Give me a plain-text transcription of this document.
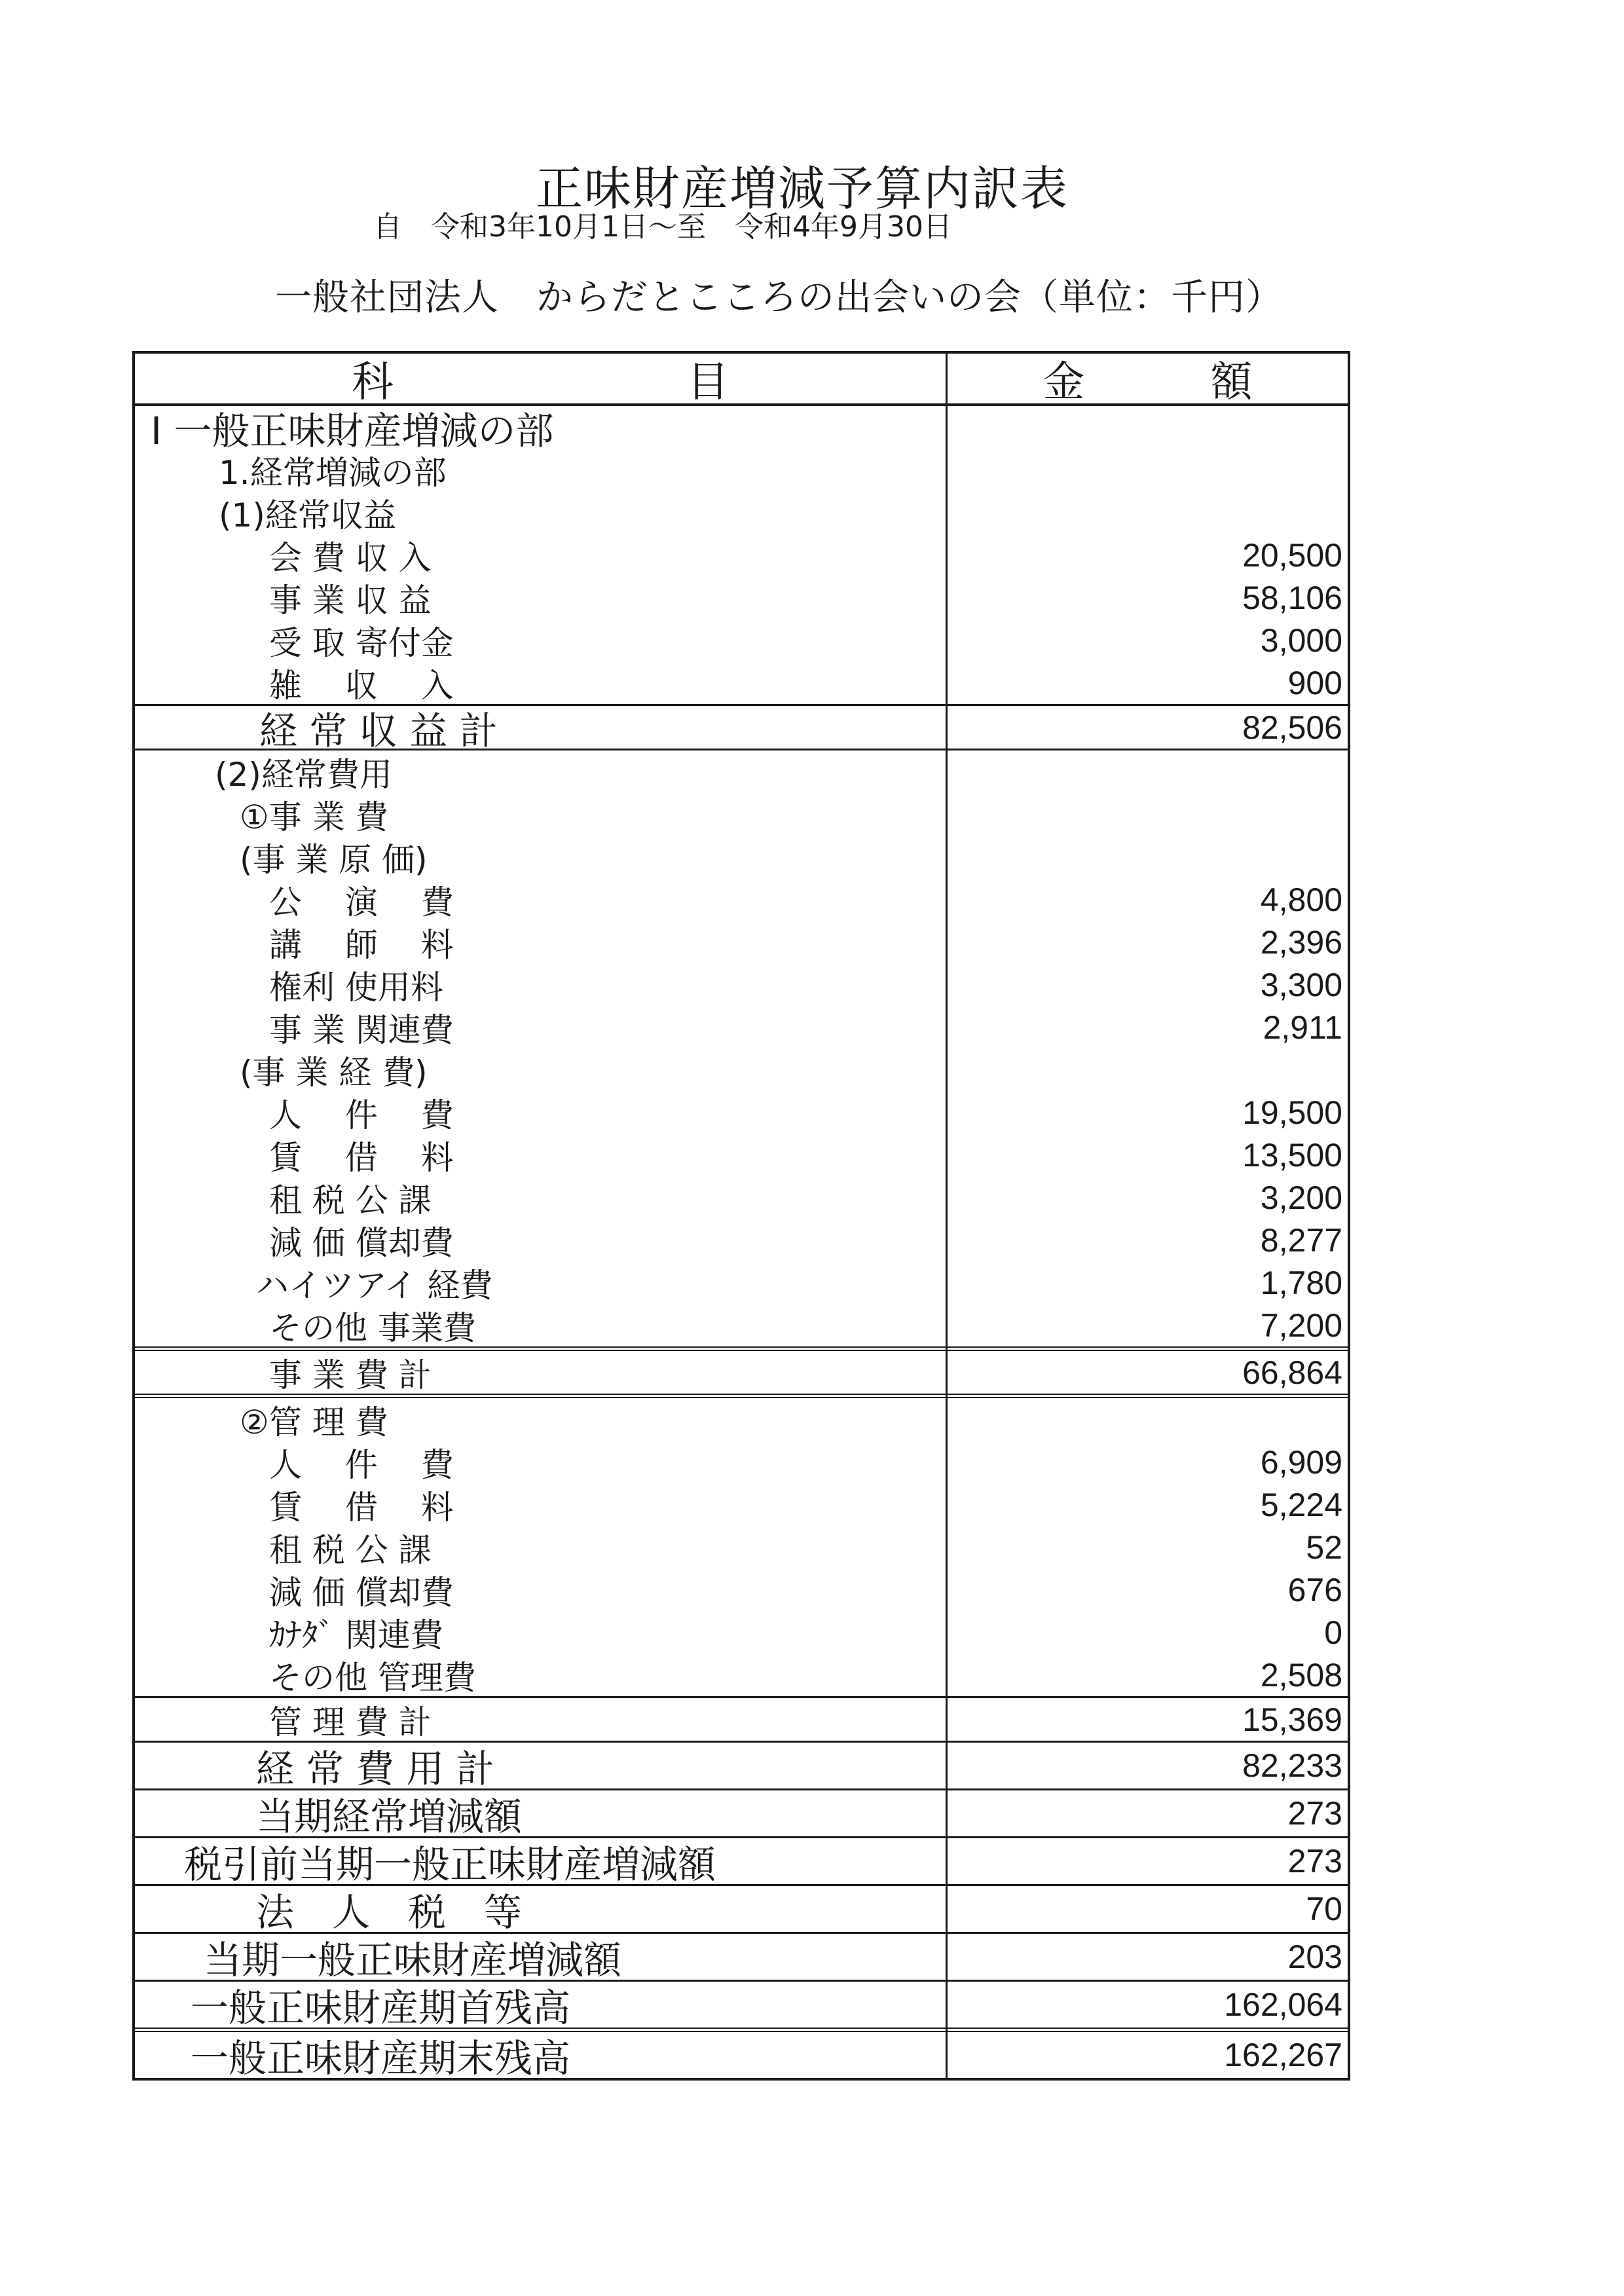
正味財産増減予算内訳表
自　令和3年10月1日～至　令和4年9月30日
一般社団法人　からだとこころの出会いの会（単位：千円）
科　　　　　　　目	金　　　額
Ⅰ 一般正味財産増減の部
1.経常増減の部
(1)経常収益
会 費 収 入	20,500
事 業 収 益	58,106
受 取 寄付金	3,000
雑　 収　 入	900
経 常 収 益 計	82,506
(2)経常費用
①事 業 費
(事 業 原 価)
公　 演　 費	4,800
講　 師　 料	2,396
権利 使用料	3,300
事 業 関連費	2,911
(事 業 経 費)
人　 件　 費	19,500
賃　 借　 料	13,500
租 税 公 課	3,200
減 価 償却費	8,277
ハイツアイ 経費	1,780
その他 事業費	7,200
事 業 費 計	66,864
②管 理 費
人　 件　 費	6,909
賃　 借　 料	5,224
租 税 公 課	52
減 価 償却費	676
ｶﾅﾀﾞ 関連費	0
その他 管理費	2,508
管 理 費 計	15,369
経 常 費 用 計	82,233
当期経常増減額	273
税引前当期一般正味財産増減額	273
法　人　税　等	70
当期一般正味財産増減額	203
一般正味財産期首残高	162,064
一般正味財産期末残高	162,267
